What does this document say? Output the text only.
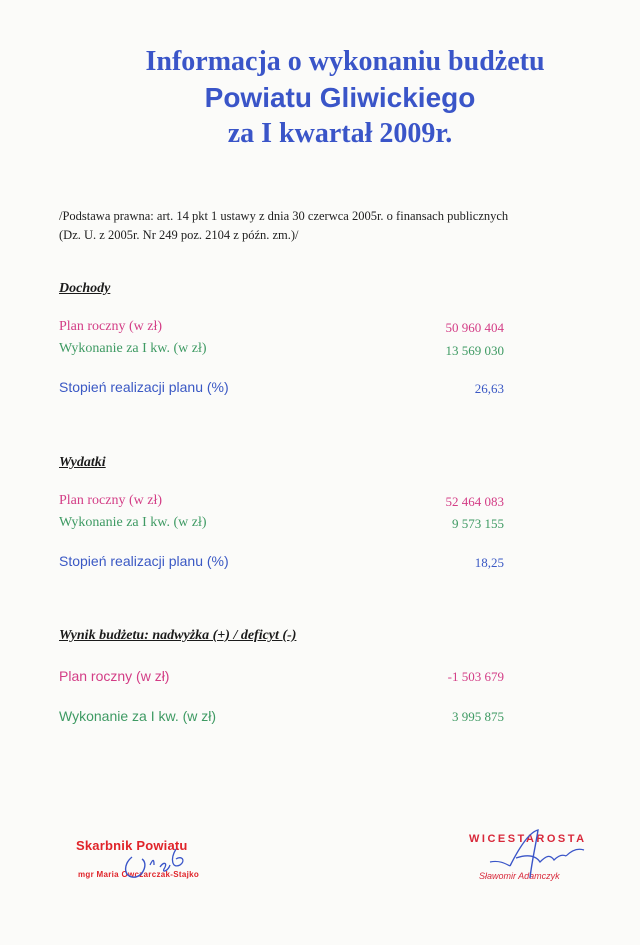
Informacja o wykonaniu budżetu
Powiatu Gliwickiego
za I kwartał 2009r.
/Podstawa prawna: art. 14 pkt 1 ustawy z dnia 30 czerwca 2005r. o finansach publicznych
(Dz. U. z 2005r. Nr 249 poz. 2104 z późn. zm.)/
Dochody
Plan roczny (w zł)	50 960 404
Wykonanie za I kw. (w zł)	13 569 030
Stopień realizacji planu (%)	26,63
Wydatki
Plan roczny (w zł)	52 464 083
Wykonanie za I kw. (w zł)	9 573 155
Stopień realizacji planu (%)	18,25
Wynik budżetu: nadwyżka (+) / deficyt (-)
Plan roczny (w zł)	-1 503 679
Wykonanie za I kw. (w zł)	3 995 875
Skarbnik Powiatu
mgr Maria Owczarczak-Stajko
WICESTAROSTA
Sławomir Adamczyk
